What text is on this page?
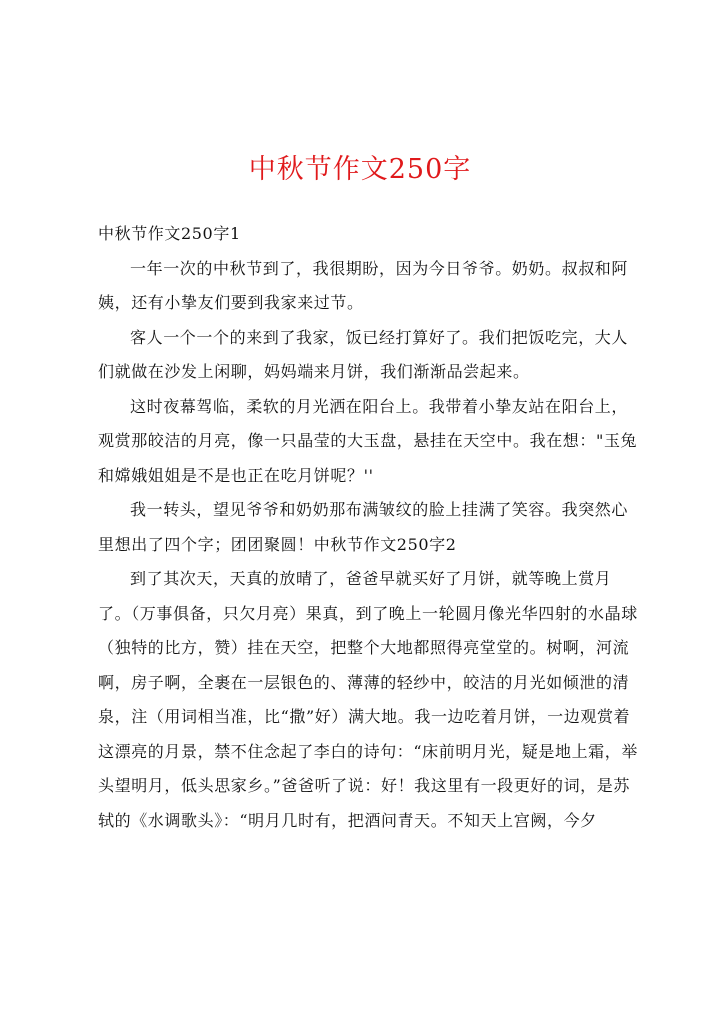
中秋节作文250字

中秋节作文250字1

一年一次的中秋节到了，我很期盼，因为今日爷爷。奶奶。叔叔和阿姨，还有小挚友们要到我家来过节。

客人一个一个的来到了我家，饭已经打算好了。我们把饭吃完，大人们就做在沙发上闲聊，妈妈端来月饼，我们渐渐品尝起来。

这时夜幕驾临，柔软的月光洒在阳台上。我带着小挚友站在阳台上，观赏那皎洁的月亮，像一只晶莹的大玉盘，悬挂在天空中。我在想："玉兔和嫦娥姐姐是不是也正在吃月饼呢？''

我一转头，望见爷爷和奶奶那布满皱纹的脸上挂满了笑容。我突然心里想出了四个字；团团聚圆！中秋节作文250字2

到了其次天，天真的放晴了，爸爸早就买好了月饼，就等晚上赏月了。（万事俱备，只欠月亮）果真，到了晚上一轮圆月像光华四射的水晶球（独特的比方，赞）挂在天空，把整个大地都照得亮堂堂的。树啊，河流啊，房子啊，全裹在一层银色的、薄薄的轻纱中，皎洁的月光如倾泄的清泉，注（用词相当准，比“撒”好）满大地。我一边吃着月饼，一边观赏着这漂亮的月景，禁不住念起了李白的诗句：“床前明月光，疑是地上霜，举头望明月，低头思家乡。”爸爸听了说：好！我这里有一段更好的词，是苏轼的《水调歌头》：“明月几时有，把酒问青天。不知天上宫阙，今夕
